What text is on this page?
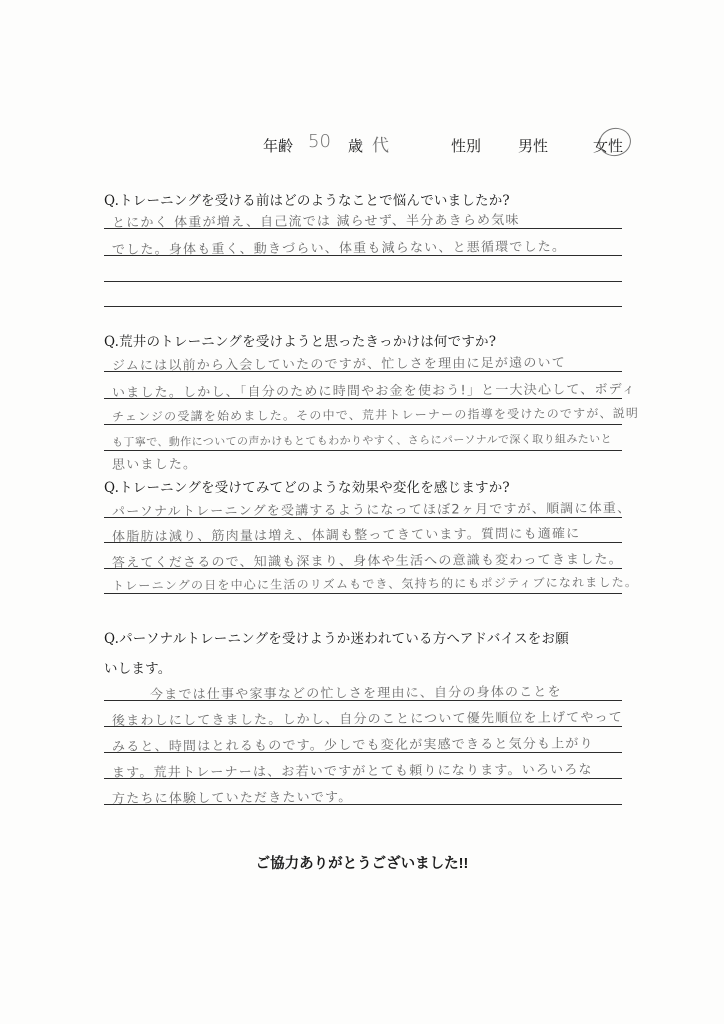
年齢 50 歳 代	性別 男性	女性
Q.トレーニングを受ける前はどのようなことで悩んでいましたか?
とにかく 体重が増え、自己流では 減らせず、半分あきらめ気味
でした。身体も重く、動きづらい、体重も減らない、と悪循環でした。
Q.荒井のトレーニングを受けようと思ったきっかけは何ですか?
ジムには以前から入会していたのですが、忙しさを理由に足が遠のいて
いました。しかし、「自分のために時間やお金を使おう!」と一大決心して、ボディ
チェンジの受講を始めました。その中で、荒井トレーナーの指導を受けたのですが、説明
も丁寧で、動作についての声かけもとてもわかりやすく、さらにパーソナルで深く取り組みたいと
思いました。
Q.トレーニングを受けてみてどのような効果や変化を感じますか?
パーソナルトレーニングを受講するようになってほぼ2ヶ月ですが、順調に体重、
体脂肪は減り、筋肉量は増え、体調も整ってきています。質問にも適確に
答えてくださるので、知識も深まり、身体や生活への意識も変わってきました。
トレーニングの日を中心に生活のリズムもでき、気持ち的にもポジティブになれました。
Q.パーソナルトレーニングを受けようか迷われている方へアドバイスをお願
いします。
今までは仕事や家事などの忙しさを理由に、自分の身体のことを
後まわしにしてきました。しかし、自分のことについて優先順位を上げてやって
みると、時間はとれるものです。少しでも変化が実感できると気分も上がり
ます。荒井トレーナーは、お若いですがとても頼りになります。いろいろな
方たちに体験していただきたいです。
ご協力ありがとうございました!!
